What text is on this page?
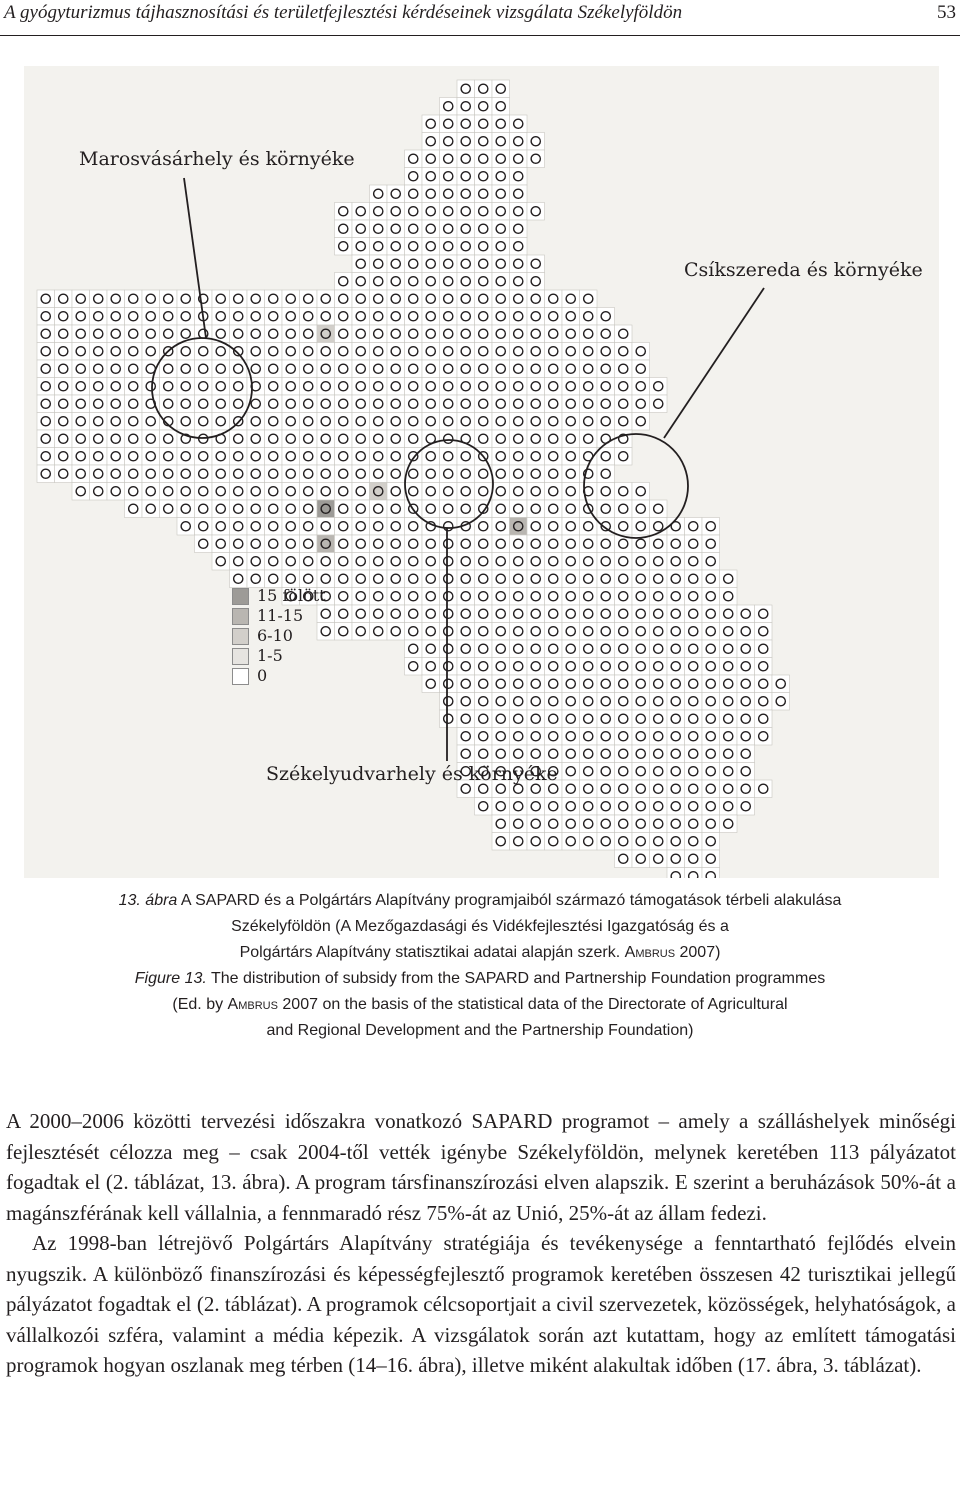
A gyógyturizmus tájhasznosítási és területfejlesztési kérdéseinek vizsgálata Székelyföldön	53
Marosvásárhely és környéke
Csíkszereda és környéke
Székelyudvarhely és környéke
15 fölött
11-15
6-10
1-5
0
13. ábra A SAPARD és a Polgártárs Alapítvány programjaiból származó támogatások térbeli alakulása
Székelyföldön (A Mezőgazdasági és Vidékfejlesztési Igazgatóság és a
Polgártárs Alapítvány statisztikai adatai alapján szerk. Ambrus 2007)
Figure 13. The distribution of subsidy from the SAPARD and Partnership Foundation programmes
(Ed. by Ambrus 2007 on the basis of the statistical data of the Directorate of Agricultural
and Regional Development and the Partnership Foundation)

A 2000–2006 közötti tervezési időszakra vonatkozó SAPARD programot – amely a szálláshelyek minőségi fejlesztését célozza meg – csak 2004-től vették igénybe Székelyföldön, melynek keretében 113 pályázatot fogadtak el (2. táblázat, 13. ábra). A program társfinanszírozási elven alapszik. E szerint a beruházások 50%-át a magánszférának kell vállalnia, a fennmaradó rész 75%-át az Unió, 25%-át az állam fedezi.

Az 1998-ban létrejövő Polgártárs Alapítvány stratégiája és tevékenysége a fenntartható fejlődés elvein nyugszik. A különböző finanszírozási és képességfejlesztő programok keretében összesen 42 turisztikai jellegű pályázatot fogadtak el (2. táblázat). A programok célcsoportjait a civil szervezetek, közösségek, helyhatóságok, a vállalkozói szféra, valamint a média képezik. A vizsgálatok során azt kutattam, hogy az említett támogatási programok hogyan oszlanak meg térben (14–16. ábra), illetve miként alakultak időben (17. ábra, 3. táblázat).
